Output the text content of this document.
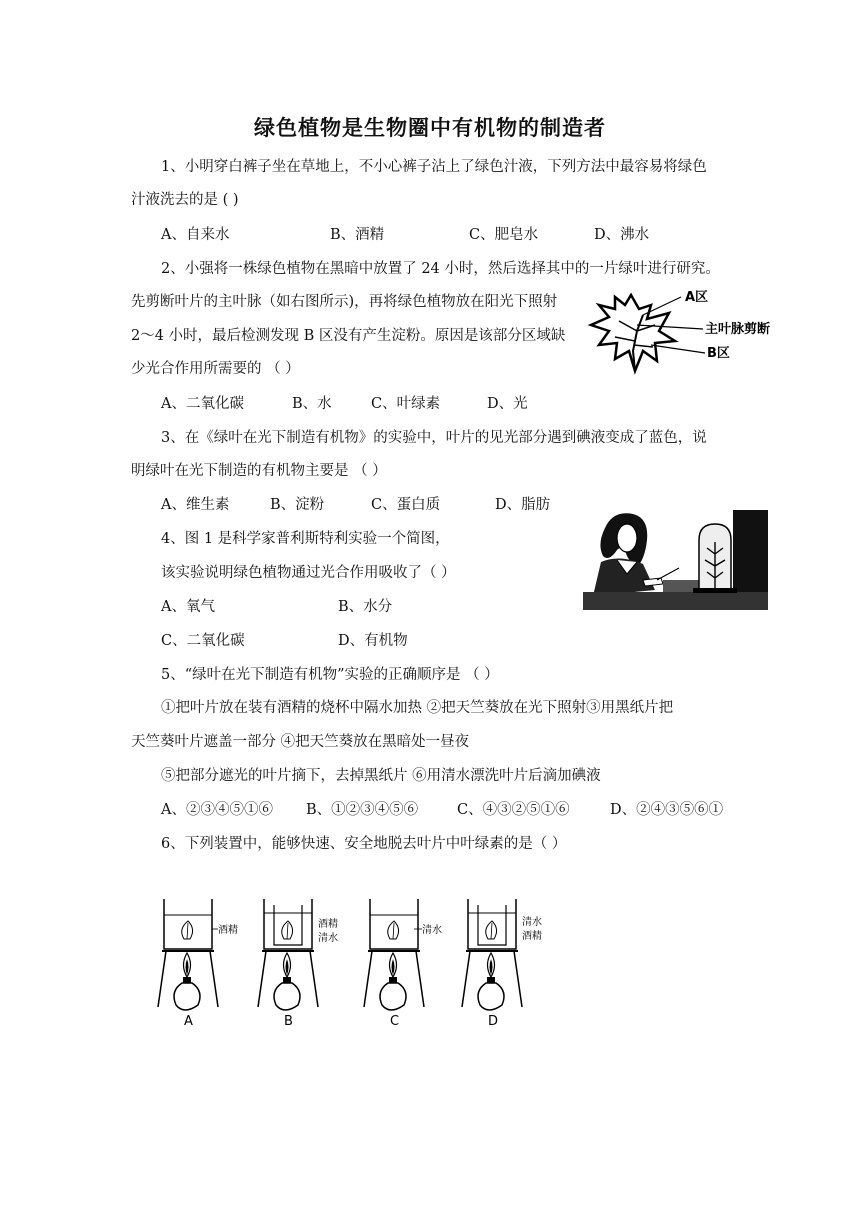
绿色植物是生物圈中有机物的制造者
1、小明穿白裤子坐在草地上，不小心裤子沾上了绿色汁液，下列方法中最容易将绿色
汁液洗去的是 ( )
A、自来水	B、酒精	C、肥皂水	D、沸水
2、小强将一株绿色植物在黑暗中放置了 24 小时，然后选择其中的一片绿叶进行研究。
先剪断叶片的主叶脉（如右图所示)，再将绿色植物放在阳光下照射
2～4 小时，最后检测发现 B 区没有产生淀粉。原因是该部分区域缺
少光合作用所需要的 （ ）
A区
主叶脉剪断
B区
A、二氧化碳	B、水	C、叶绿素	D、光
3、在《绿叶在光下制造有机物》的实验中，叶片的见光部分遇到碘液变成了蓝色，说
明绿叶在光下制造的有机物主要是 （ ）
A、维生素	B、淀粉	C、蛋白质	D、脂肪
4、图 1 是科学家普利斯特利实验一个简图，
该实验说明绿色植物通过光合作用吸收了（ ）
A、氧气	B、水分
C、二氧化碳	D、有机物
5、“绿叶在光下制造有机物”实验的正确顺序是 （ ）
①把叶片放在装有酒精的烧杯中隔水加热 ②把天竺葵放在光下照射③用黑纸片把
天竺葵叶片遮盖一部分 ④把天竺葵放在黑暗处一昼夜
⑤把部分遮光的叶片摘下，去掉黑纸片 ⑥用清水漂洗叶片后滴加碘液
A、②③④⑤①⑥ B、①②③④⑤⑥	C、④③②⑤①⑥	D、②④③⑤⑥①
6、下列装置中，能够快速、安全地脱去叶片中叶绿素的是（ ）
酒精
A
酒精
清水
B
清水
C
清水
酒精
D
